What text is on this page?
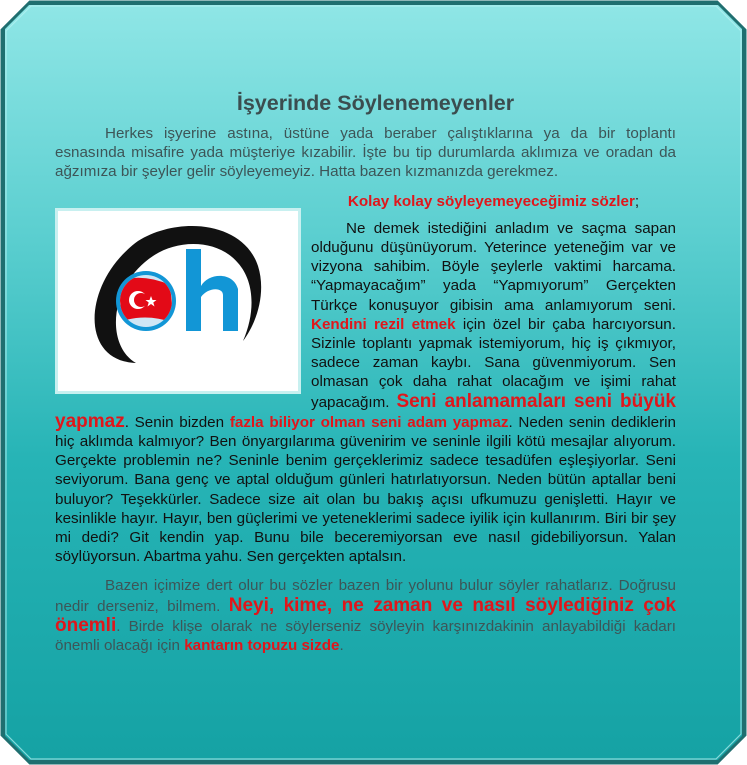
İşyerinde Söylenemeyenler

Herkes işyerine astına, üstüne yada beraber çalıştıklarına ya da bir toplantı esnasında misafire yada müşteriye kızabilir. İşte bu tip durumlarda aklımıza ve oradan da ağzımıza bir şeyler gelir söyleyemeyiz. Hatta bazen kızmanızda gerekmez.

Kolay kolay söyleyemeyeceğimiz sözler;

Ne demek istediğini anladım ve saçma sapan olduğunu düşünüyorum. Yeterince yeteneğim var ve vizyona sahibim. Böyle şeylerle vaktimi harcama. “Yapmayacağım” yada “Yapmıyorum” Gerçekten Türkçe konuşuyor gibisin ama anlamıyorum seni. Kendini rezil etmek için özel bir çaba harcıyorsun. Sizinle toplantı yapmak istemiyorum, hiç iş çıkmıyor, sadece zaman kaybı. Sana güvenmiyorum. Sen olmasan çok daha rahat olacağım ve işimi rahat yapacağım. Seni anlamamaları seni büyük yapmaz. Senin bizden fazla biliyor olman seni adam yapmaz. Neden senin dediklerin hiç aklımda kalmıyor? Ben önyargılarıma güvenirim ve seninle ilgili kötü mesajlar alıyorum. Gerçekte problemin ne? Seninle benim gerçeklerimiz sadece tesadüfen eşleşiyorlar. Seni seviyorum. Bana genç ve aptal olduğum günleri hatırlatıyorsun. Neden bütün aptallar beni buluyor? Teşekkürler. Sadece size ait olan bu bakış açısı ufkumuzu genişletti. Hayır ve kesinlikle hayır. Hayır, ben güçlerimi ve yeteneklerimi sadece iyilik için kullanırım. Biri bir şey mi dedi? Git kendin yap. Bunu bile beceremiyorsan eve nasıl gidebiliyorsun. Yalan söylüyorsun. Abartma yahu. Sen gerçekten aptalsın.

Bazen içimize dert olur bu sözler bazen bir yolunu bulur söyler rahatlarız. Doğrusu nedir derseniz, bilmem. Neyi, kime, ne zaman ve nasıl söylediğiniz çok önemli. Birde klişe olarak ne söylerseniz söyleyin karşınızdakinin anlayabildiği kadarı önemli olacağı için kantarın topuzu sizde.
